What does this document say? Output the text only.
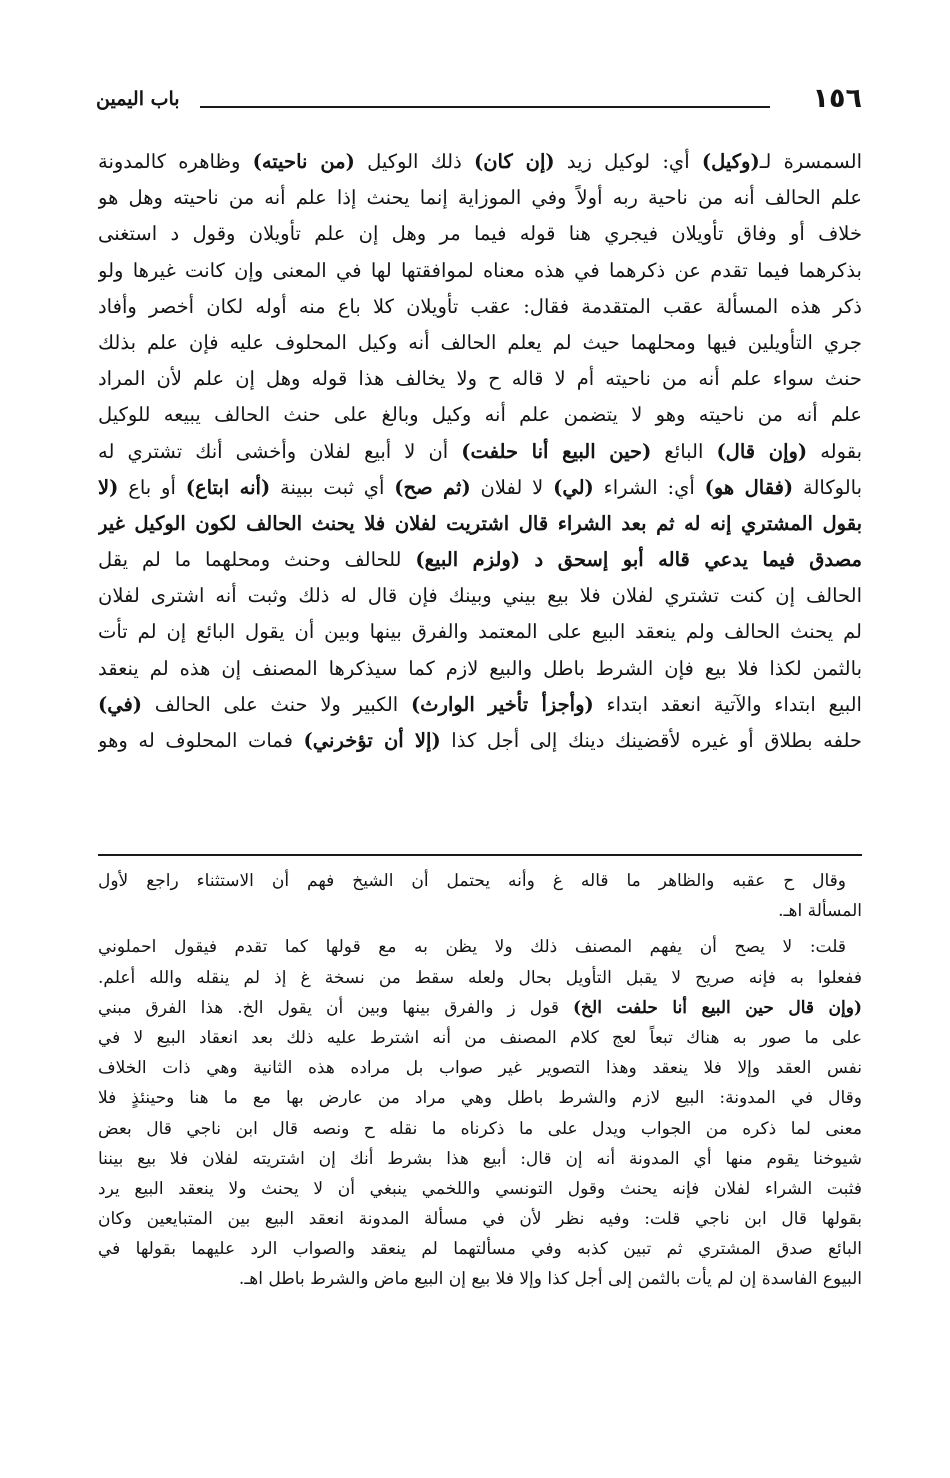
١٥٦
باب اليمين
السمسرة لـ(وكيل) أي: لوكيل زيد (إن كان) ذلك الوكيل (من ناحيته) وظاهره كالمدونة
علم الحالف أنه من ناحية ربه أولاً وفي الموزاية إنما يحنث إذا علم أنه من ناحيته وهل هو
خلاف أو وفاق تأويلان فيجري هنا قوله فيما مر وهل إن علم تأويلان وقول د استغنى
بذكرهما فيما تقدم عن ذكرهما في هذه معناه لموافقتها لها في المعنى وإن كانت غيرها ولو
ذكر هذه المسألة عقب المتقدمة فقال: عقب تأويلان كلا باع منه أوله لكان أخصر وأفاد
جري التأويلين فيها ومحلهما حيث لم يعلم الحالف أنه وكيل المحلوف عليه فإن علم بذلك
حنث سواء علم أنه من ناحيته أم لا قاله ح ولا يخالف هذا قوله وهل إن علم لأن المراد
علم أنه من ناحيته وهو لا يتضمن علم أنه وكيل وبالغ على حنث الحالف يبيعه للوكيل
بقوله (وإن قال) البائع (حين البيع أنا حلفت) أن لا أبيع لفلان وأخشى أنك تشتري له
بالوكالة (فقال هو) أي: الشراء (لي) لا لفلان (ثم صح) أي ثبت ببينة (أنه ابتاع) أو باع (لا
بقول المشتري إنه له ثم بعد الشراء قال اشتريت لفلان فلا يحنث الحالف لكون الوكيل غير
مصدق فيما يدعي قاله أبو إسحق د (ولزم البيع) للحالف وحنث ومحلهما ما لم يقل
الحالف إن كنت تشتري لفلان فلا بيع بيني وبينك فإن قال له ذلك وثبت أنه اشترى لفلان
لم يحنث الحالف ولم ينعقد البيع على المعتمد والفرق بينها وبين أن يقول البائع إن لم تأت
بالثمن لكذا فلا بيع فإن الشرط باطل والبيع لازم كما سيذكرها المصنف إن هذه لم ينعقد
البيع ابتداء والآتية انعقد ابتداء (وأجزأ تأخير الوارث) الكبير ولا حنث على الحالف (في)
حلفه بطلاق أو غيره لأقضينك دينك إلى أجل كذا (إلا أن تؤخرني) فمات المحلوف له وهو
وقال ح عقبه والظاهر ما قاله غ وأنه يحتمل أن الشيخ فهم أن الاستثناء راجع لأول
المسألة اهـ.
قلت: لا يصح أن يفهم المصنف ذلك ولا يظن به مع قولها كما تقدم فيقول احملوني
ففعلوا به فإنه صريح لا يقبل التأويل بحال ولعله سقط من نسخة غ إذ لم ينقله والله أعلم.
(وإن قال حين البيع أنا حلفت الخ) قول ز والفرق بينها وبين أن يقول الخ. هذا الفرق مبني
على ما صور به هناك تبعاً لعج كلام المصنف من أنه اشترط عليه ذلك بعد انعقاد البيع لا في
نفس العقد وإلا فلا ينعقد وهذا التصوير غير صواب بل مراده هذه الثانية وهي ذات الخلاف
وقال في المدونة: البيع لازم والشرط باطل وهي مراد من عارض بها مع ما هنا وحينئذٍ فلا
معنى لما ذكره من الجواب ويدل على ما ذكرناه ما نقله ح ونصه قال ابن ناجي قال بعض
شيوخنا يقوم منها أي المدونة أنه إن قال: أبيع هذا بشرط أنك إن اشتريته لفلان فلا بيع بيننا
فثبت الشراء لفلان فإنه يحنث وقول التونسي واللخمي ينبغي أن لا يحنث ولا ينعقد البيع يرد
بقولها قال ابن ناجي قلت: وفيه نظر لأن في مسألة المدونة انعقد البيع بين المتبايعين وكان
البائع صدق المشتري ثم تبين كذبه وفي مسألتهما لم ينعقد والصواب الرد عليهما بقولها في
البيوع الفاسدة إن لم يأت بالثمن إلى أجل كذا وإلا فلا بيع إن البيع ماض والشرط باطل اهـ.
